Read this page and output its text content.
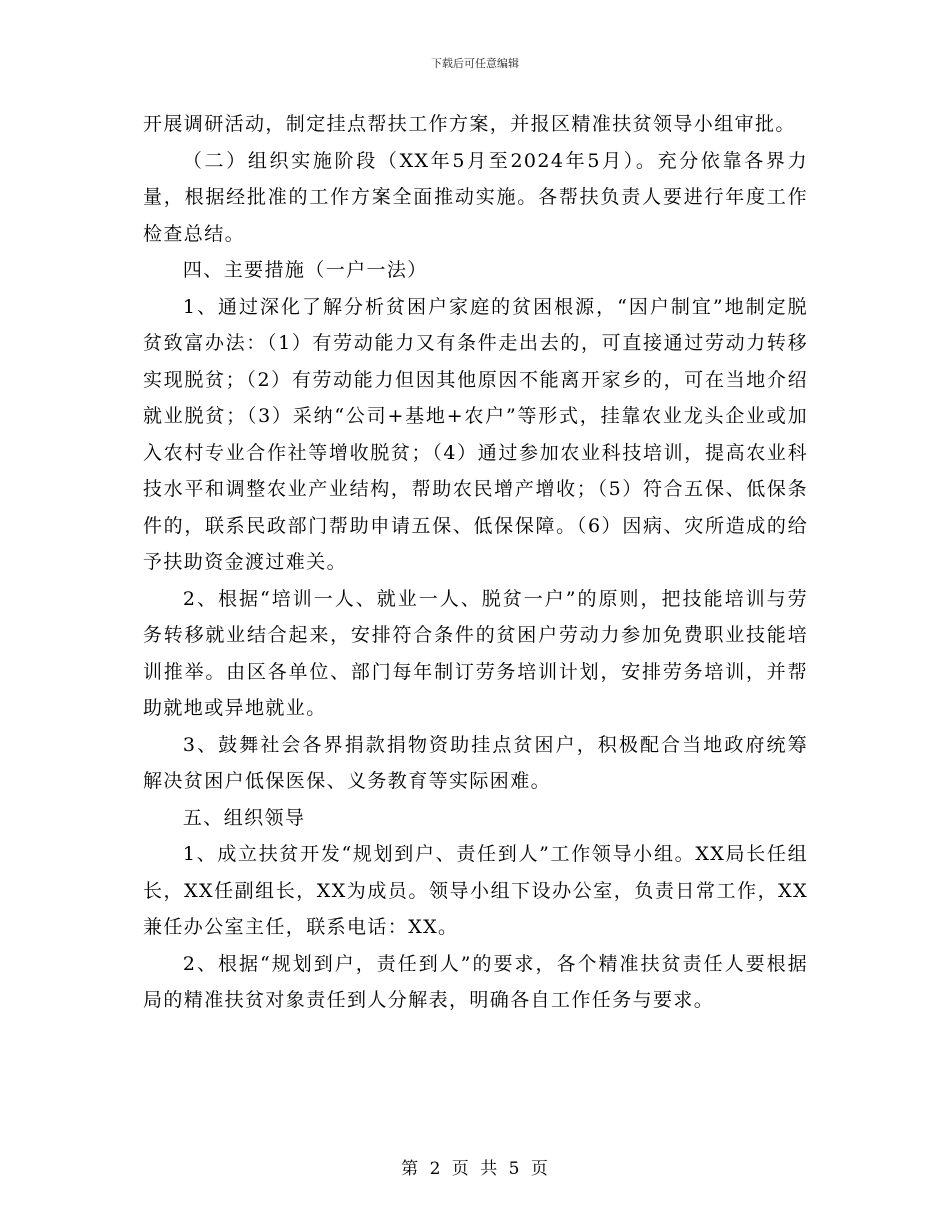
下载后可任意编辑

开展调研活动，制定挂点帮扶工作方案，并报区精准扶贫领导小组审批。

（二）组织实施阶段（XX年5月至2024年5月）。充分依靠各界力量，根据经批准的工作方案全面推动实施。各帮扶负责人要进行年度工作检查总结。

四、主要措施（一户一法）

1、通过深化了解分析贫困户家庭的贫困根源，“因户制宜”地制定脱贫致富办法：（1）有劳动能力又有条件走出去的，可直接通过劳动力转移实现脱贫；（2）有劳动能力但因其他原因不能离开家乡的，可在当地介绍就业脱贫；（3）采纳“公司+基地+农户”等形式，挂靠农业龙头企业或加入农村专业合作社等增收脱贫；（4）通过参加农业科技培训，提高农业科技水平和调整农业产业结构，帮助农民增产增收；（5）符合五保、低保条件的，联系民政部门帮助申请五保、低保保障。（6）因病、灾所造成的给予扶助资金渡过难关。

2、根据“培训一人、就业一人、脱贫一户”的原则，把技能培训与劳务转移就业结合起来，安排符合条件的贫困户劳动力参加免费职业技能培训推举。由区各单位、部门每年制订劳务培训计划，安排劳务培训，并帮助就地或异地就业。

3、鼓舞社会各界捐款捐物资助挂点贫困户，积极配合当地政府统筹解决贫困户低保医保、义务教育等实际困难。

五、组织领导

1、成立扶贫开发“规划到户、责任到人”工作领导小组。XX局长任组长，XX任副组长，XX为成员。领导小组下设办公室，负责日常工作，XX兼任办公室主任，联系电话：XX。

2、根据“规划到户，责任到人”的要求，各个精准扶贫责任人要根据局的精准扶贫对象责任到人分解表，明确各自工作任务与要求。

第 2 页 共 5 页
